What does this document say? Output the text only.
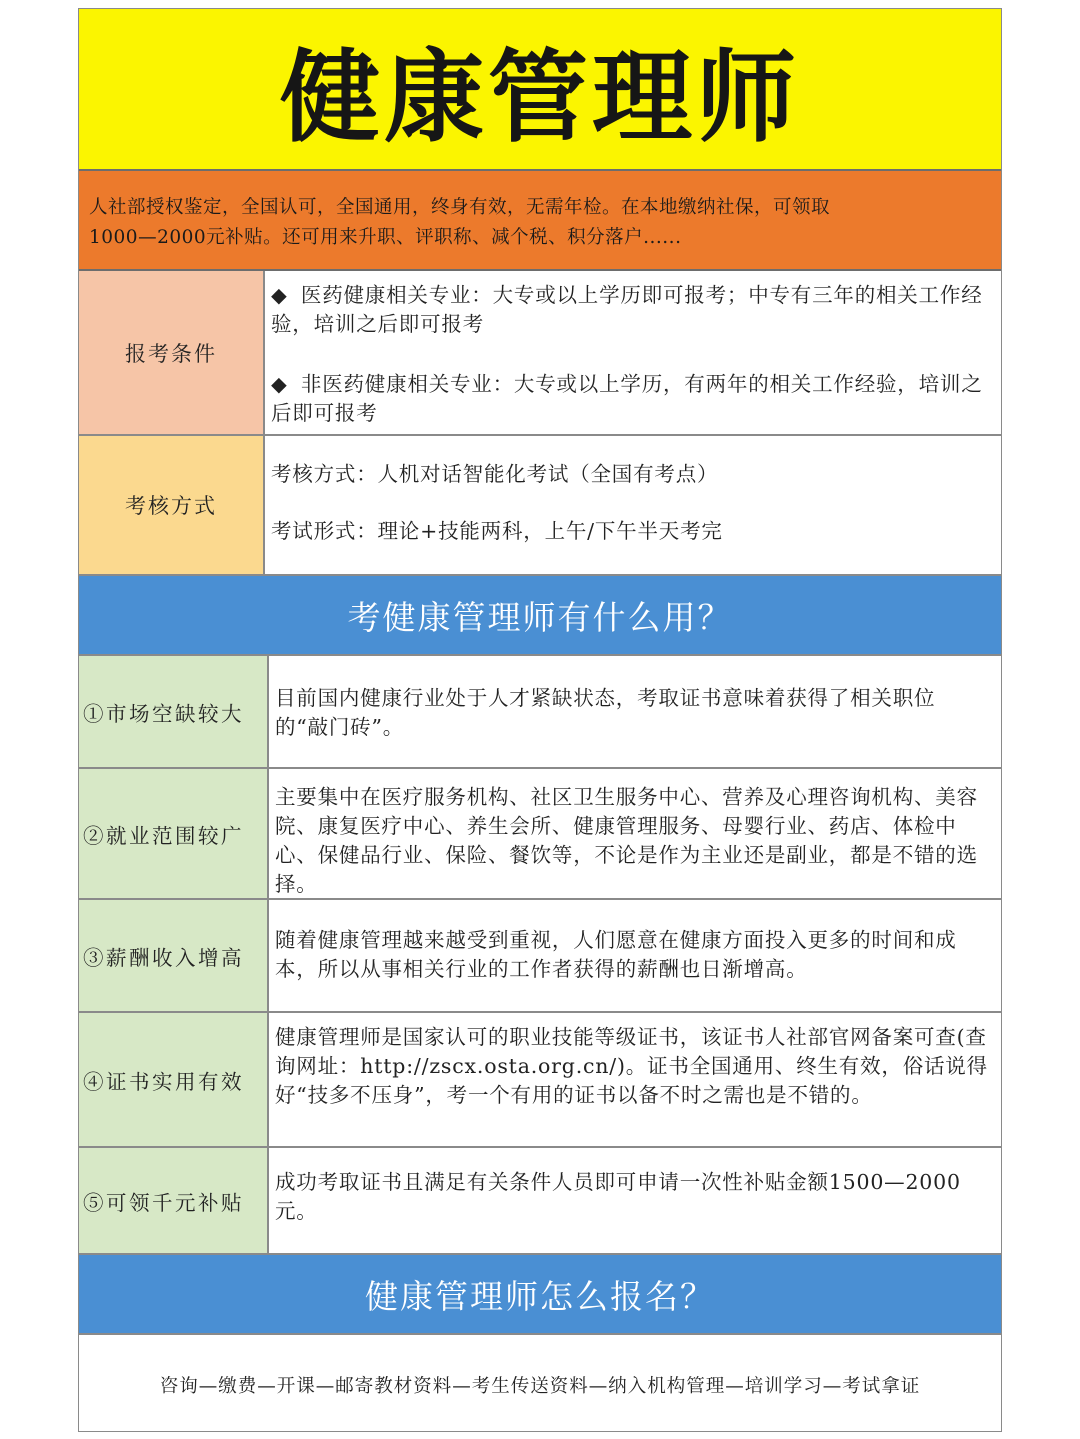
健康管理师
人社部授权鉴定，全国认可，全国通用，终身有效，无需年检。在本地缴纳社保，可领取
1000—2000元补贴。还可用来升职、评职称、减个税、积分落户......
报考条件

◆ 医药健康相关专业：大专或以上学历即可报考；中专有三年的相关工作经验，培训之后即可报考

◆ 非医药健康相关专业：大专或以上学历，有两年的相关工作经验，培训之后即可报考

考核方式

考核方式：人机对话智能化考试（全国有考点）

考试形式：理论+技能两科，上午/下午半天考完

考健康管理师有什么用？
①市场空缺较大
目前国内健康行业处于人才紧缺状态，考取证书意味着获得了相关职位的“敲门砖”。
②就业范围较广
主要集中在医疗服务机构、社区卫生服务中心、营养及心理咨询机构、美容院、康复医疗中心、养生会所、健康管理服务、母婴行业、药店、体检中心、保健品行业、保险、餐饮等，不论是作为主业还是副业，都是不错的选择。
③薪酬收入增高
随着健康管理越来越受到重视，人们愿意在健康方面投入更多的时间和成本，所以从事相关行业的工作者获得的薪酬也日渐增高。
④证书实用有效
健康管理师是国家认可的职业技能等级证书，该证书人社部官网备案可查(查询网址：http://zscx.osta.org.cn/)。证书全国通用、终生有效，俗话说得好“技多不压身”，考一个有用的证书以备不时之需也是不错的。
⑤可领千元补贴
成功考取证书且满足有关条件人员即可申请一次性补贴金额1500—2000元。
健康管理师怎么报名？
咨询—缴费—开课—邮寄教材资料—考生传送资料—纳入机构管理—培训学习—考试拿证
